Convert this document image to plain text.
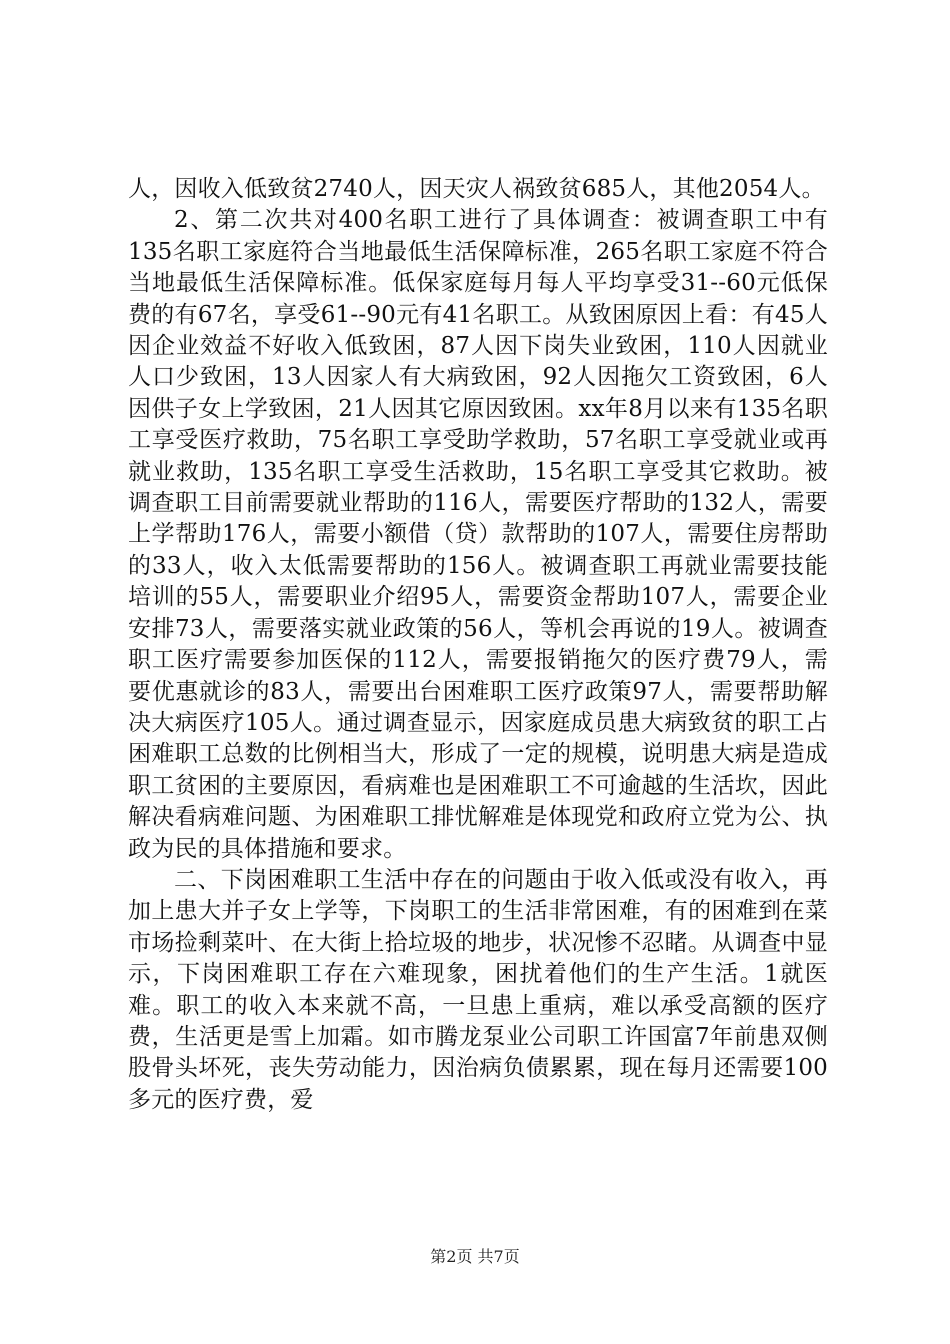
人，因收入低致贫2740人，因天灾人祸致贫685人，其他2054人。

2、第二次共对400名职工进行了具体调查：被调查职工中有135名职工家庭符合当地最低生活保障标准，265名职工家庭不符合当地最低生活保障标准。低保家庭每月每人平均享受31--60元低保费的有67名，享受61--90元有41名职工。从致困原因上看：有45人因企业效益不好收入低致困，87人因下岗失业致困，110人因就业人口少致困，13人因家人有大病致困，92人因拖欠工资致困，6人因供子女上学致困，21人因其它原因致困。xx年8月以来有135名职工享受医疗救助，75名职工享受助学救助，57名职工享受就业或再就业救助，135名职工享受生活救助，15名职工享受其它救助。被调查职工目前需要就业帮助的116人，需要医疗帮助的132人，需要上学帮助176人，需要小额借（贷）款帮助的107人，需要住房帮助的33人，收入太低需要帮助的156人。被调查职工再就业需要技能培训的55人，需要职业介绍95人，需要资金帮助107人，需要企业安排73人，需要落实就业政策的56人，等机会再说的19人。被调查职工医疗需要参加医保的112人，需要报销拖欠的医疗费79人，需要优惠就诊的83人，需要出台困难职工医疗政策97人，需要帮助解决大病医疗105人。通过调查显示，因家庭成员患大病致贫的职工占困难职工总数的比例相当大，形成了一定的规模，说明患大病是造成职工贫困的主要原因，看病难也是困难职工不可逾越的生活坎，因此解决看病难问题、为困难职工排忧解难是体现党和政府立党为公、执政为民的具体措施和要求。

二、下岗困难职工生活中存在的问题由于收入低或没有收入，再加上患大并子女上学等，下岗职工的生活非常困难，有的困难到在菜市场捡剩菜叶、在大街上拾垃圾的地步，状况惨不忍睹。从调查中显示，下岗困难职工存在六难现象，困扰着他们的生产生活。1就医难。职工的收入本来就不高，一旦患上重病，难以承受高额的医疗费，生活更是雪上加霜。如市腾龙泵业公司职工许国富7年前患双侧股骨头坏死，丧失劳动能力，因治病负债累累，现在每月还需要100多元的医疗费，爱

第2页 共7页
